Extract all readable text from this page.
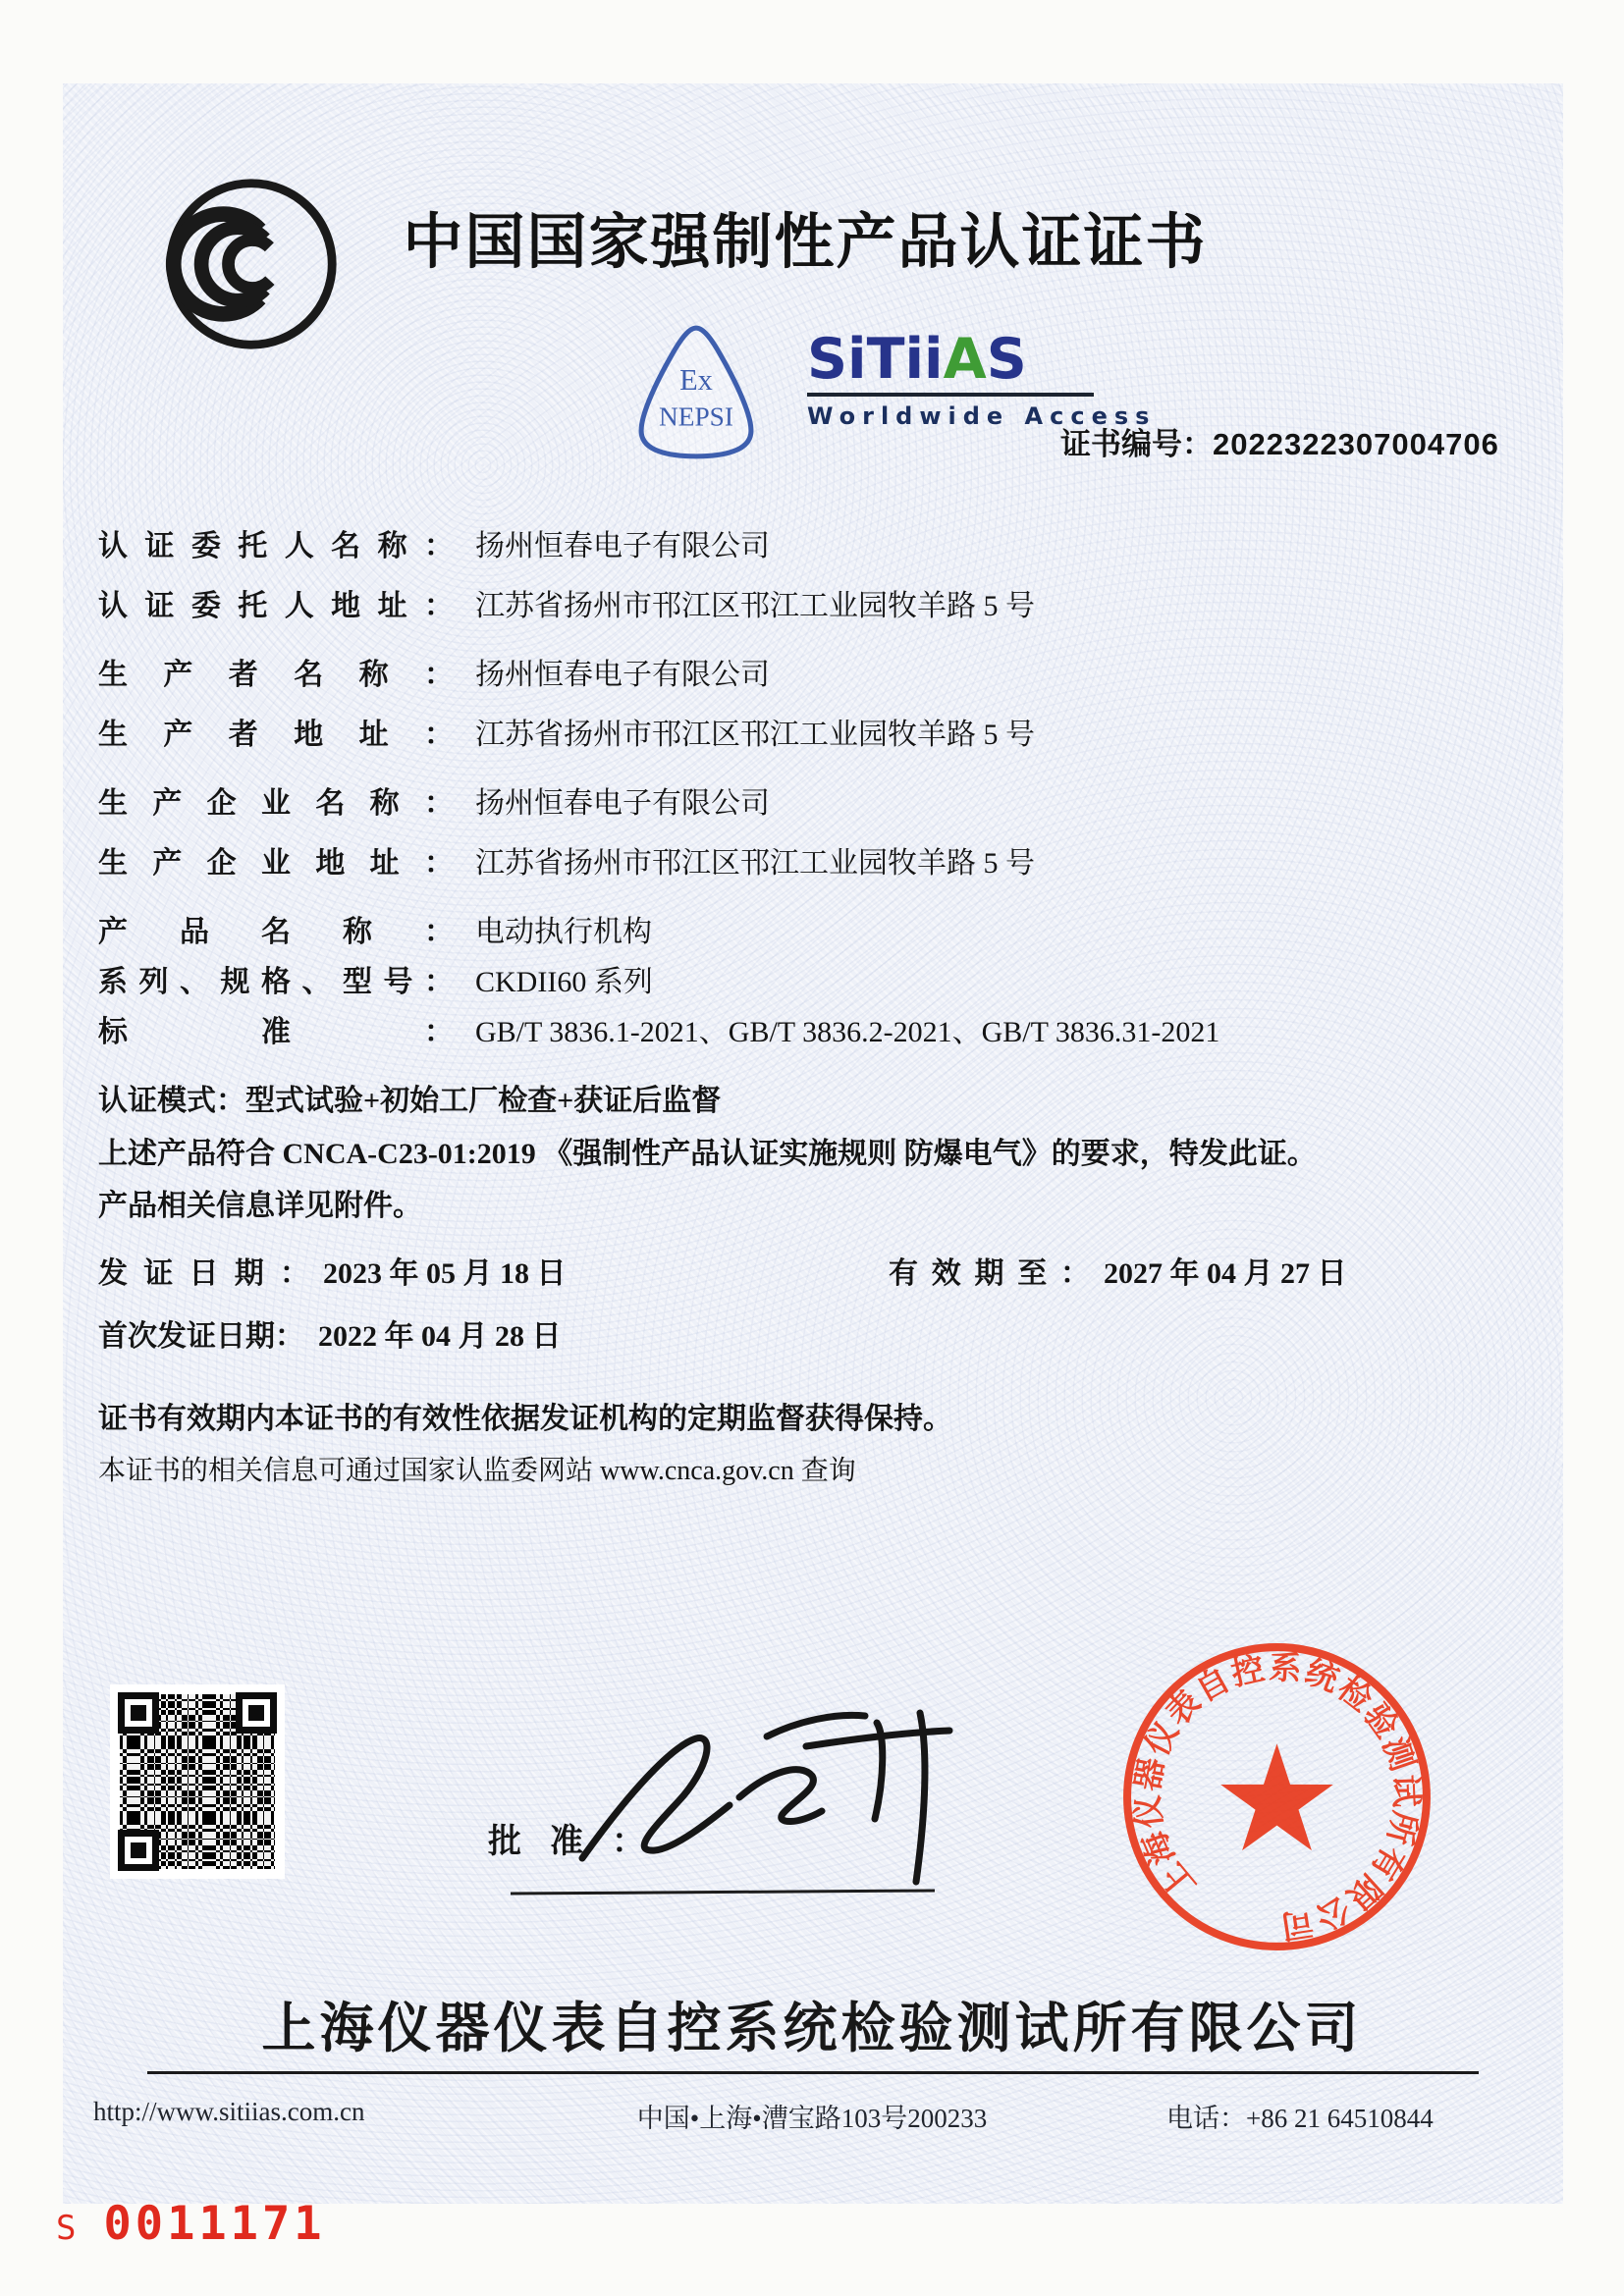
中国国家强制性产品认证证书
Ex
NEPSI
SiTiiAS
Worldwide Access
证书编号：2022322307004706
认证委托人名称： 扬州恒春电子有限公司
认证委托人地址： 江苏省扬州市邗江区邗江工业园牧羊路 5 号
生产者名称： 扬州恒春电子有限公司
生产者地址： 江苏省扬州市邗江区邗江工业园牧羊路 5 号
生产企业名称： 扬州恒春电子有限公司
生产企业地址： 江苏省扬州市邗江区邗江工业园牧羊路 5 号
产品名称： 电动执行机构
系列、规格、型号： CKDII60 系列
标准： GB/T 3836.1-2021、GB/T 3836.2-2021、GB/T 3836.31-2021
认证模式：型式试验+初始工厂检查+获证后监督
上述产品符合 CNCA-C23-01:2019 《强制性产品认证实施规则 防爆电气》的要求，特发此证。
产品相关信息详见附件。
发证日期： 2023 年 05 月 18 日	有效期至： 2027 年 04 月 27 日
首次发证日期： 2022 年 04 月 28 日
证书有效期内本证书的有效性依据发证机构的定期监督获得保持。
本证书的相关信息可通过国家认监委网站 www.cnca.gov.cn 查询
批准：
上海仪器仪表自控系统检验测试所有限公司
上海仪器仪表自控系统检验测试所有限公司
http://www.sitiias.com.cn	中国•上海•漕宝路103号200233	电话：+86 21 64510844
S 0011171
